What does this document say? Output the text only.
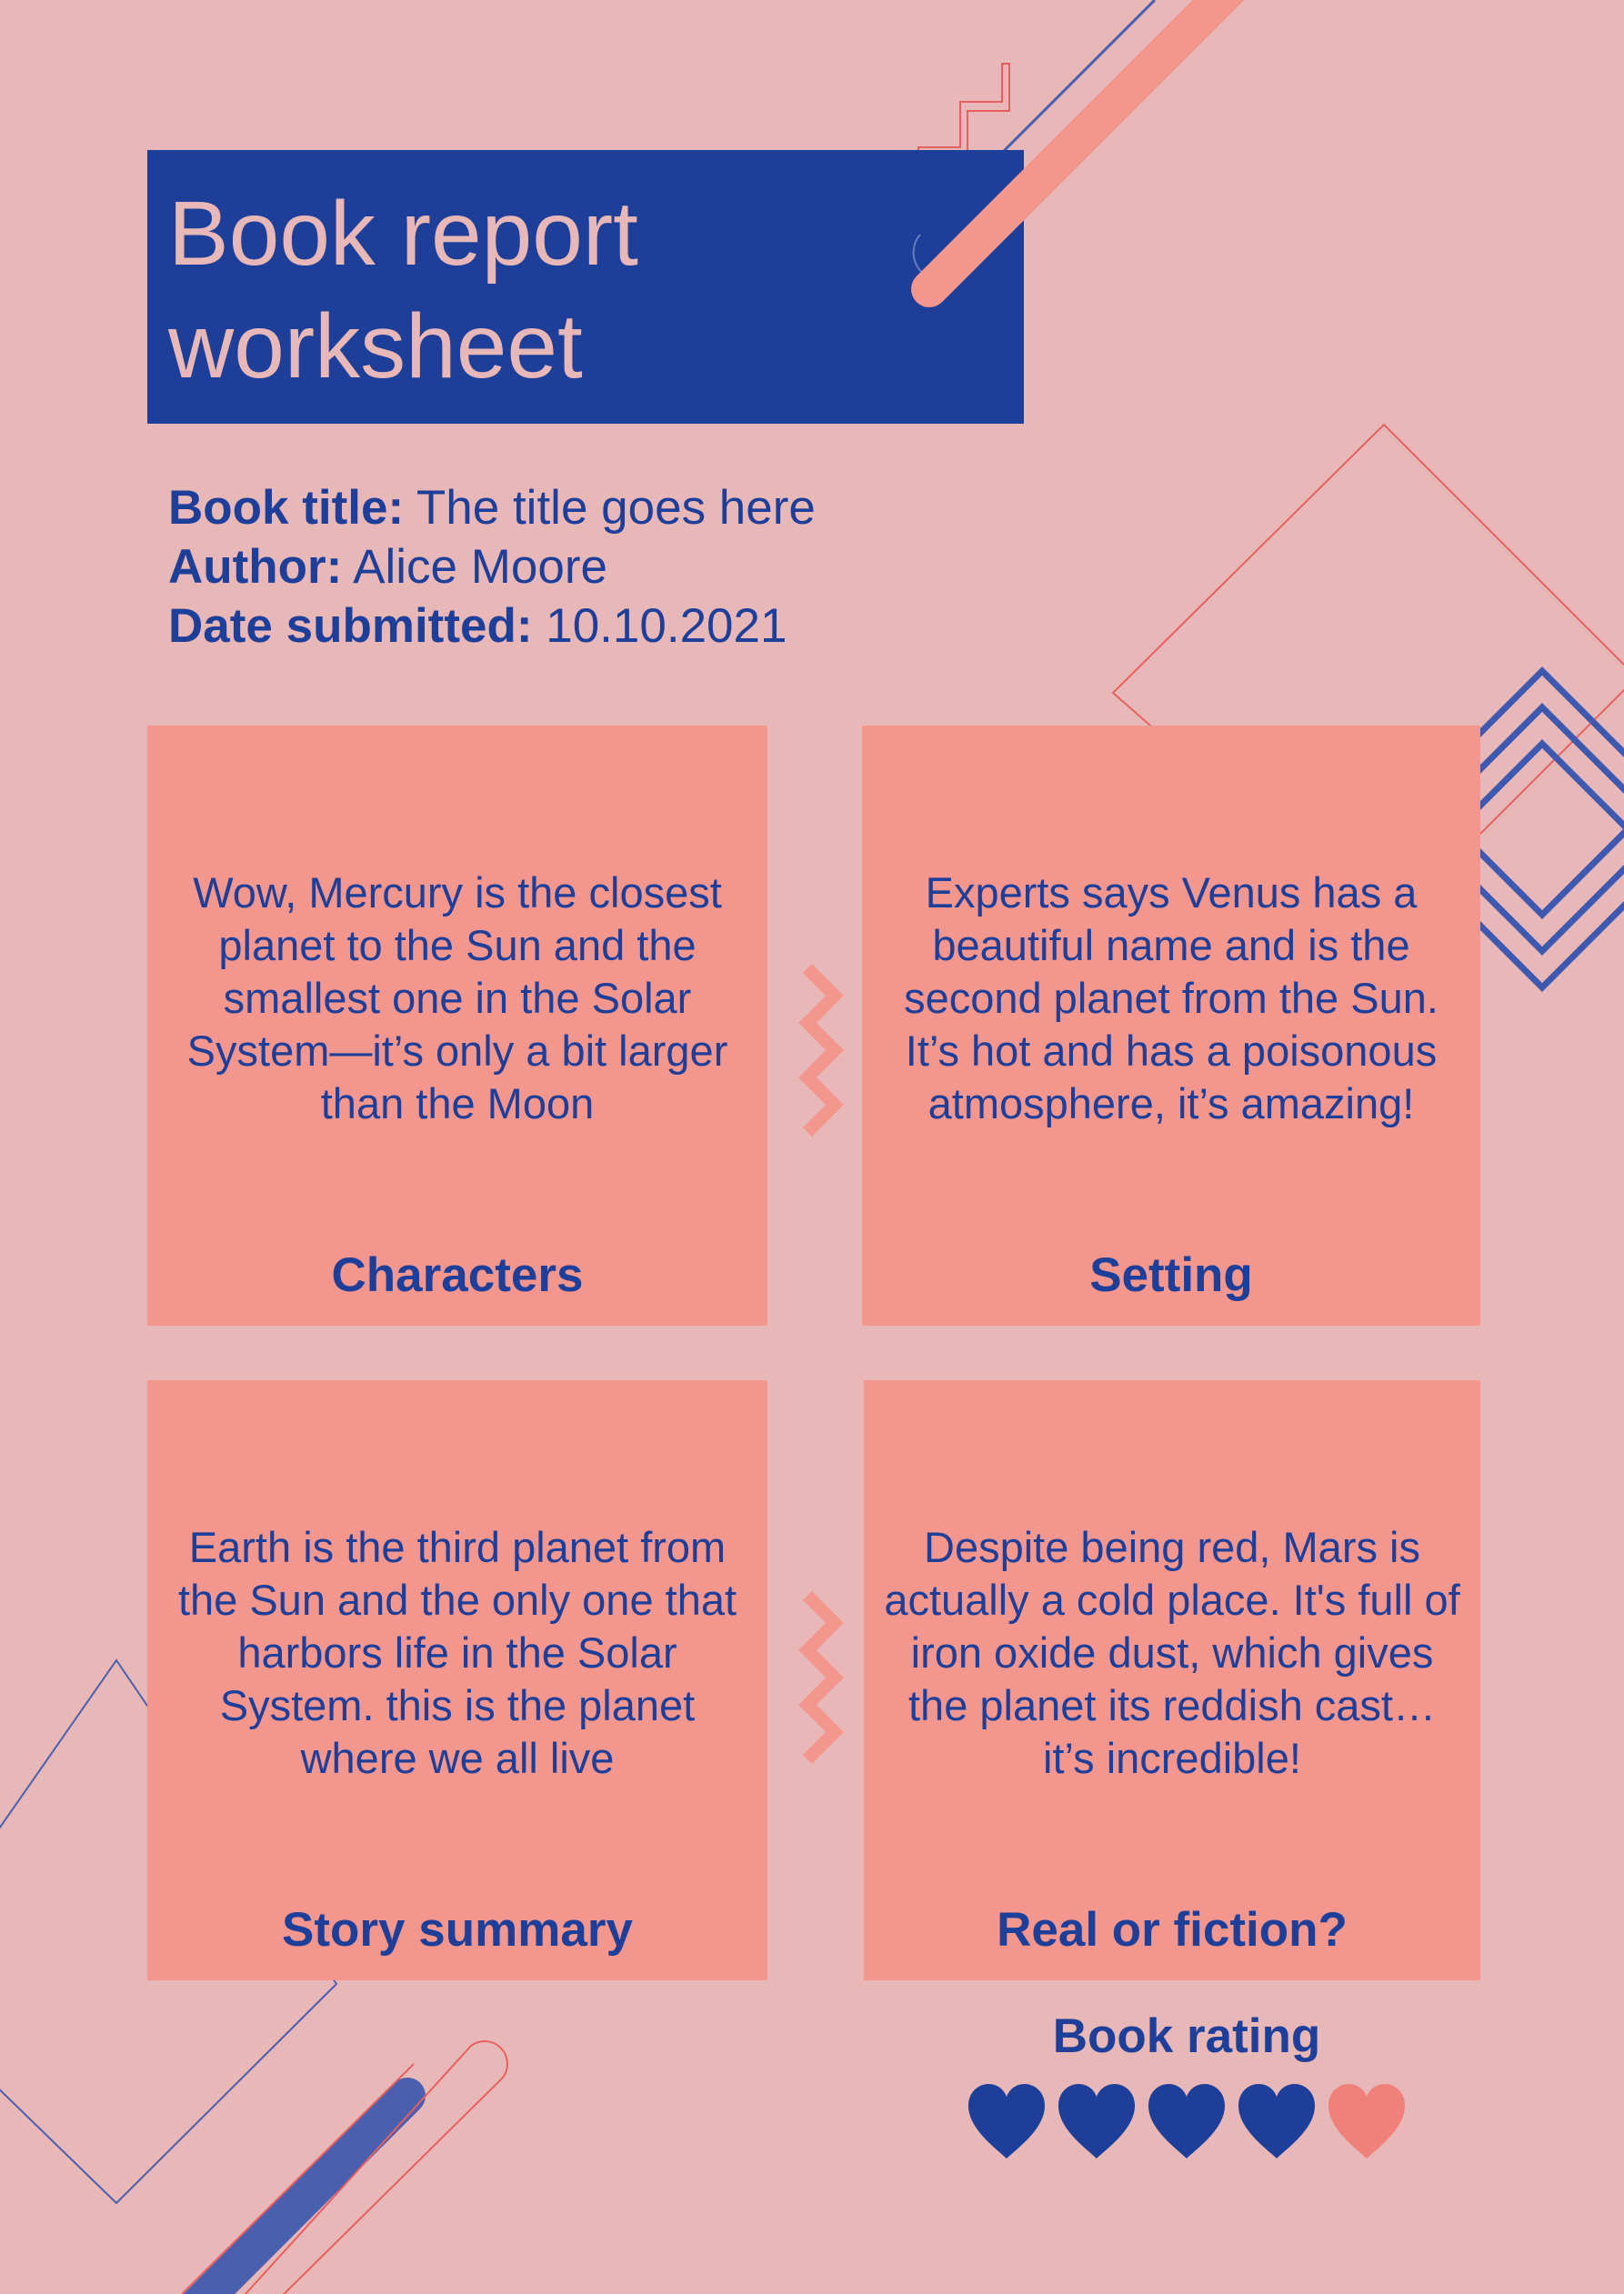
Book report
worksheet
Book title: The title goes here
Author: Alice Moore
Date submitted: 10.10.2021
Wow, Mercury is the closest planet to the Sun and the smallest one in the Solar System—it’s only a bit larger than the Moon
Characters
Experts says Venus has a beautiful name and is the second planet from the Sun. It’s hot and has a poisonous atmosphere, it’s amazing!
Setting
Earth is the third planet from the Sun and the only one that harbors life in the Solar System. this is the planet where we all live
Story summary
Despite being red, Mars is actually a cold place. It's full of iron oxide dust, which gives the planet its reddish cast… it’s incredible!
Real or fiction?
Book rating
